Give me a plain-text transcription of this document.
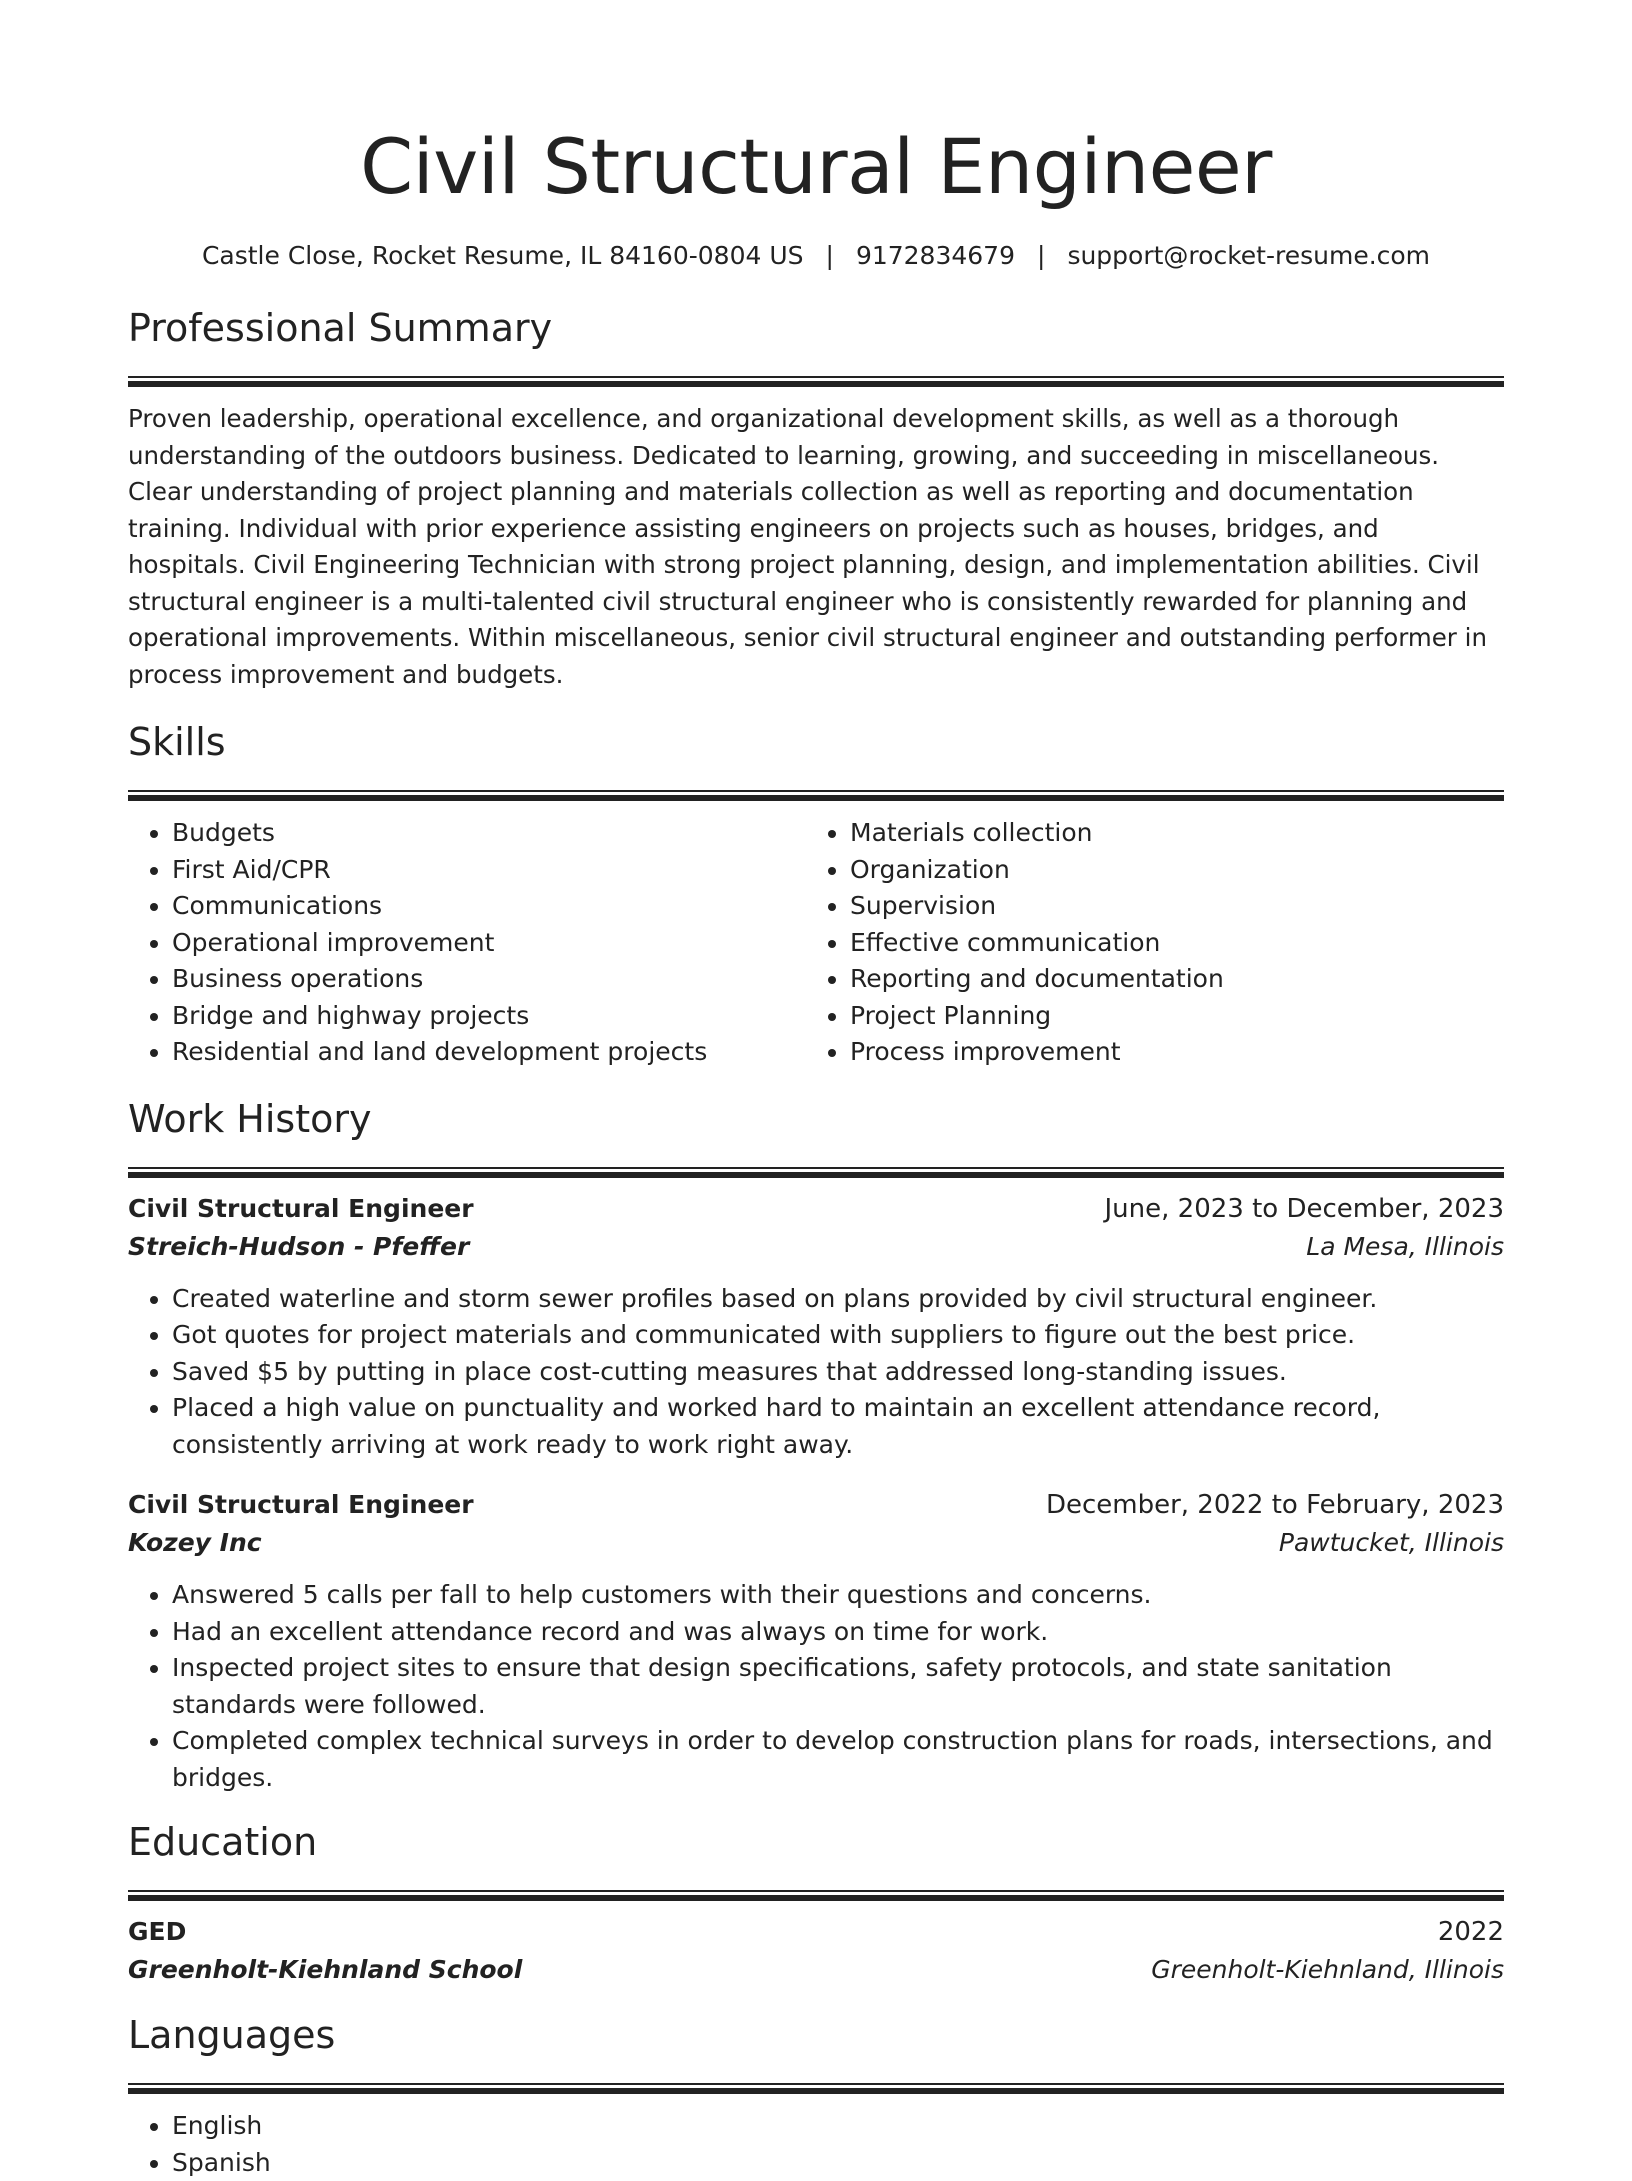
Civil Structural Engineer
Castle Close, Rocket Resume, IL 84160-0804 US | 9172834679 | support@rocket-resume.com
Professional Summary

Proven leadership, operational excellence, and organizational development skills, as well as a thorough understanding of the outdoors business. Dedicated to learning, growing, and succeeding in miscellaneous. Clear understanding of project planning and materials collection as well as reporting and documentation training. Individual with prior experience assisting engineers on projects such as houses, bridges, and hospitals. Civil Engineering Technician with strong project planning, design, and implementation abilities. Civil structural engineer is a multi-talented civil structural engineer who is consistently rewarded for planning and operational improvements. Within miscellaneous, senior civil structural engineer and outstanding performer in process improvement and budgets.

Skills
• Budgets
• First Aid/CPR
• Communications
• Operational improvement
• Business operations
• Bridge and highway projects
• Residential and land development projects
• Materials collection
• Organization
• Supervision
• Effective communication
• Reporting and documentation
• Project Planning
• Process improvement
Work History
Civil Structural Engineer	June, 2023 to December, 2023
Streich-Hudson - Pfeffer	La Mesa, Illinois
• Created waterline and storm sewer profiles based on plans provided by civil structural engineer.
• Got quotes for project materials and communicated with suppliers to figure out the best price.
• Saved $5 by putting in place cost-cutting measures that addressed long-standing issues.
• Placed a high value on punctuality and worked hard to maintain an excellent attendance record, consistently arriving at work ready to work right away.
Civil Structural Engineer	December, 2022 to February, 2023
Kozey Inc	Pawtucket, Illinois
• Answered 5 calls per fall to help customers with their questions and concerns.
• Had an excellent attendance record and was always on time for work.
• Inspected project sites to ensure that design specifications, safety protocols, and state sanitation standards were followed.
• Completed complex technical surveys in order to develop construction plans for roads, intersections, and bridges.
Education
GED	2022
Greenholt-Kiehnland School	Greenholt-Kiehnland, Illinois
Languages
• English
• Spanish
